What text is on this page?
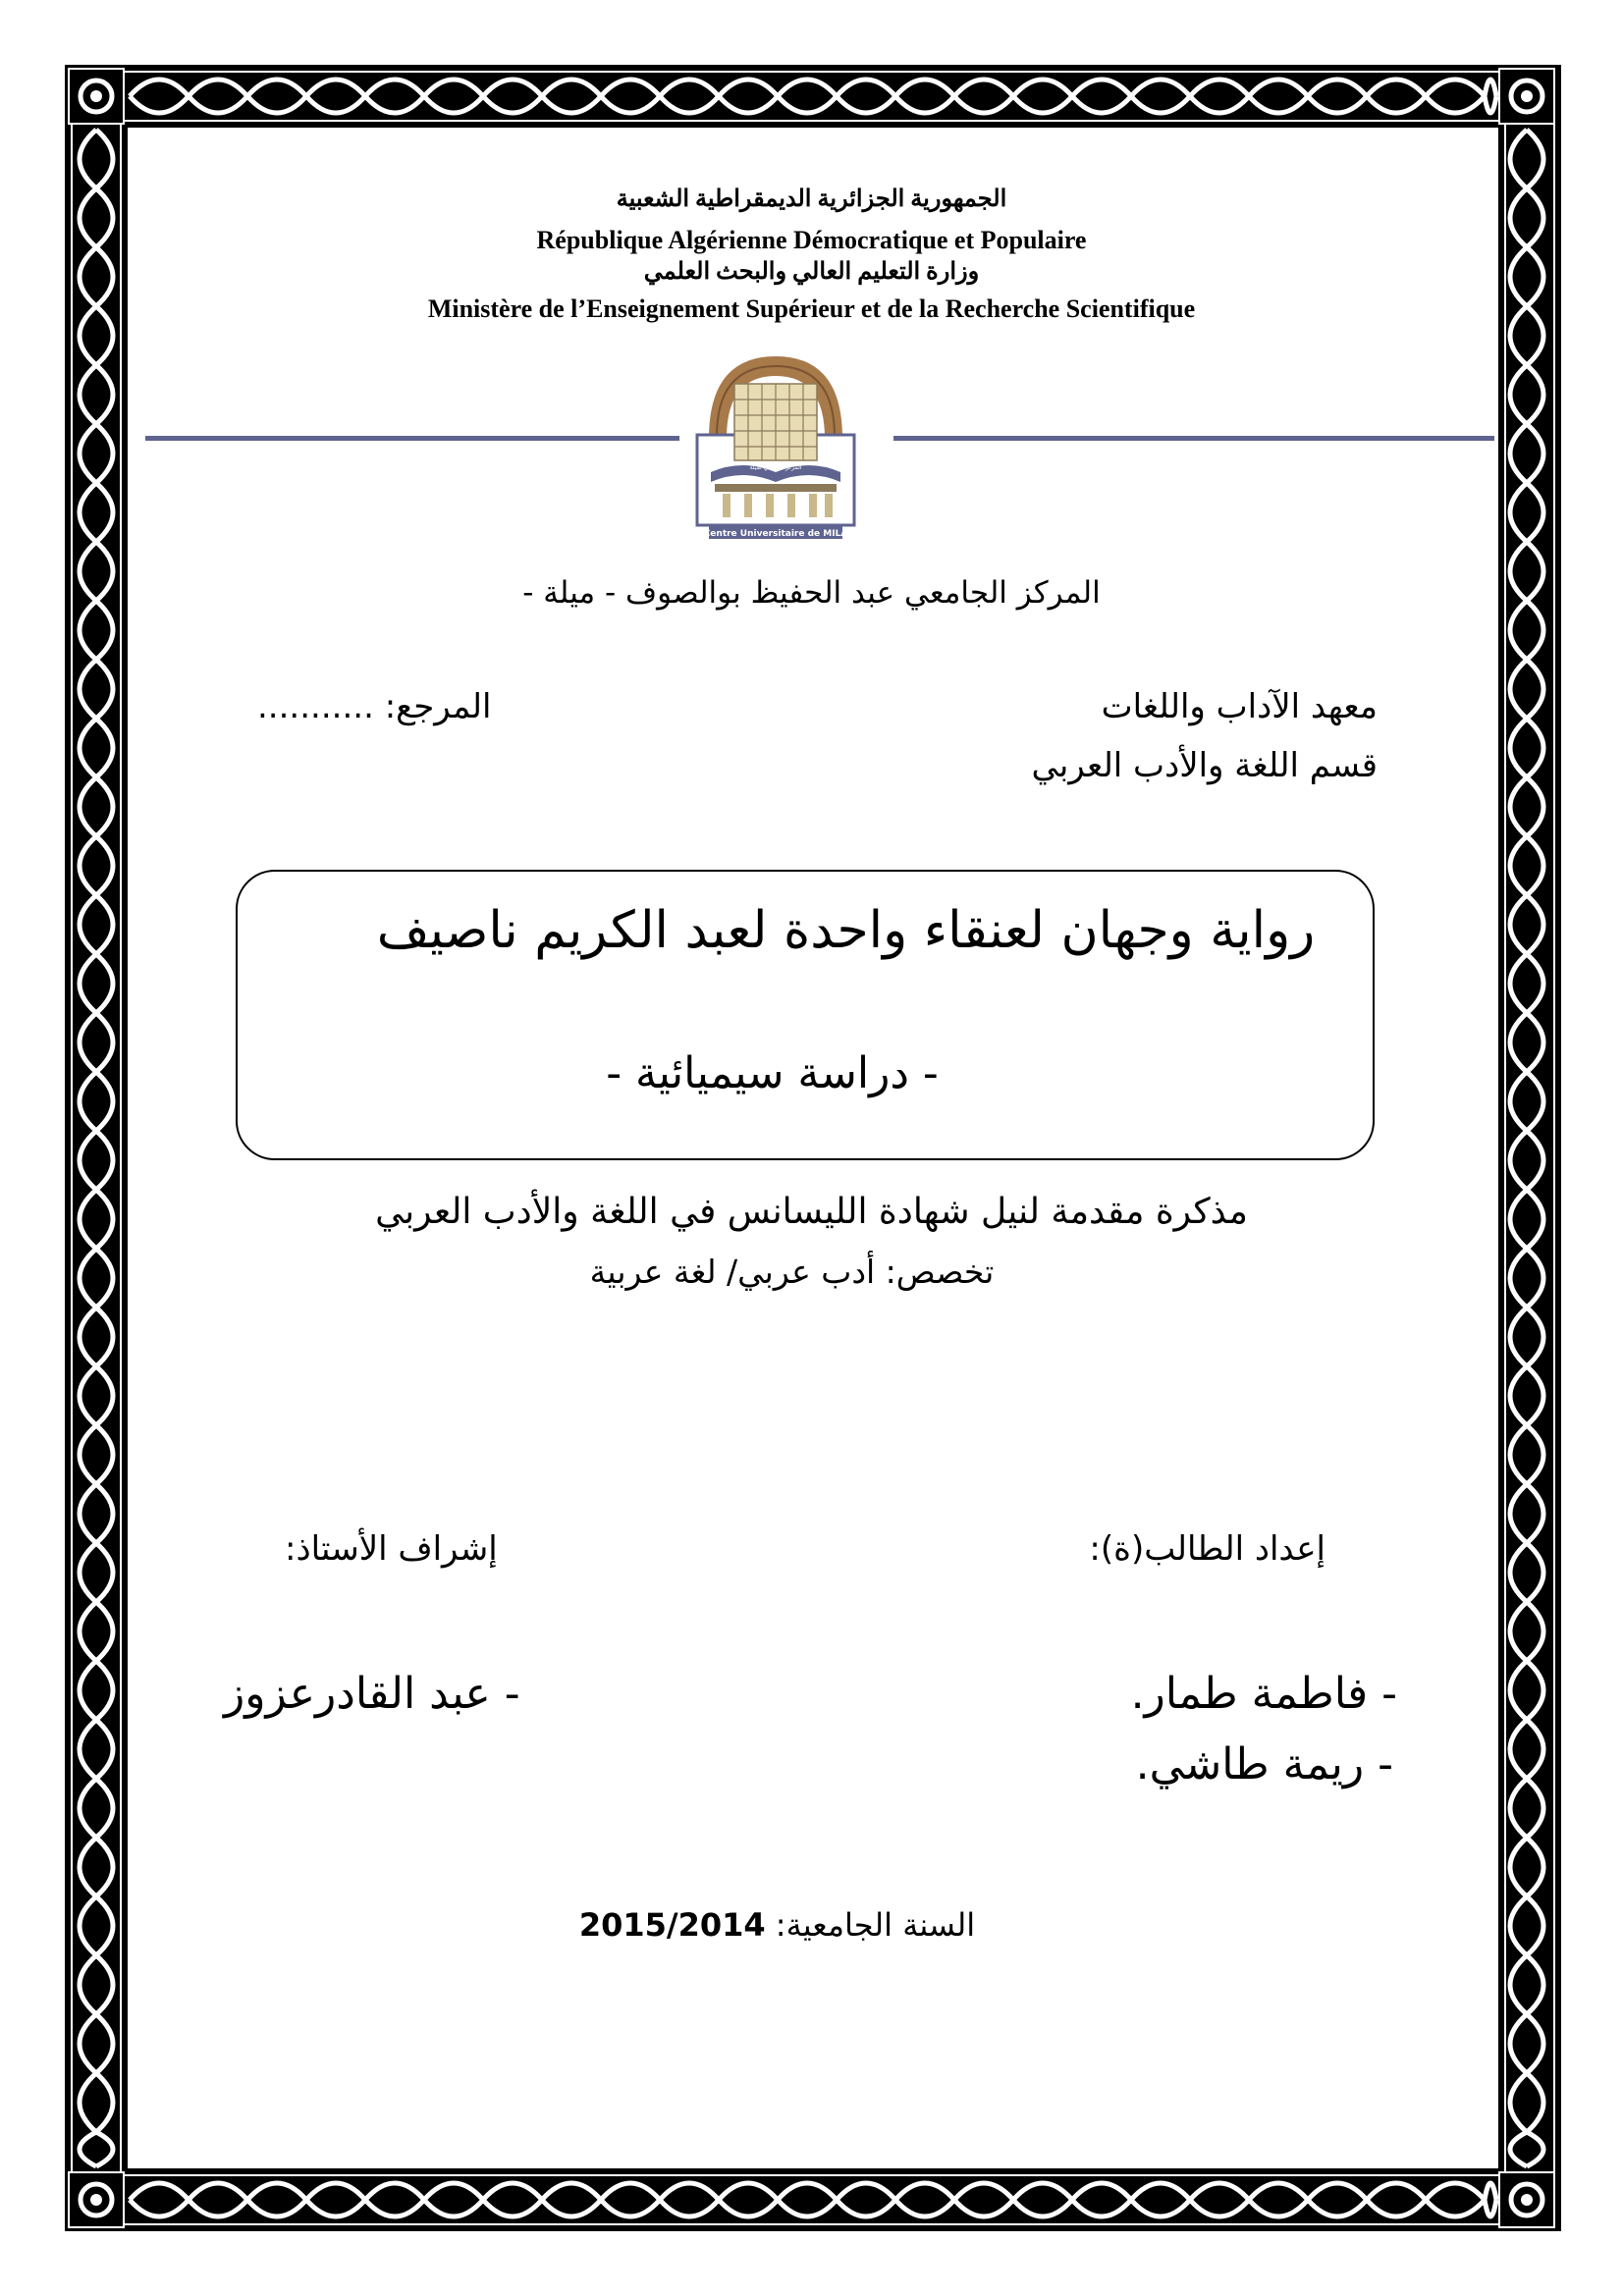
الجمهورية الجزائرية الديمقراطية الشعبية
République Algérienne Démocratique et Populaire
وزارة التعليم العالي والبحث العلمي
Ministère de l’Enseignement Supérieur et de la Recherche Scientifique
المركز الجامعي لميلة
Centre Universitaire de MILA
المركز الجامعي عبد الحفيظ بوالصوف - ميلة -
معهد الآداب واللغات
قسم اللغة والأدب العربي
المرجع: ...........
رواية وجهان لعنقاء واحدة لعبد الكريم ناصيف
- دراسة سيميائية -
مذكرة مقدمة لنيل شهادة الليسانس في اللغة والأدب العربي
تخصص: أدب عربي/ لغة عربية
إعداد الطالب(ة):
إشراف الأستاذ:
- فاطمة طمار.
- ريمة طاشي.
- عبد القادرعزوز
السنة الجامعية: 2015/2014
